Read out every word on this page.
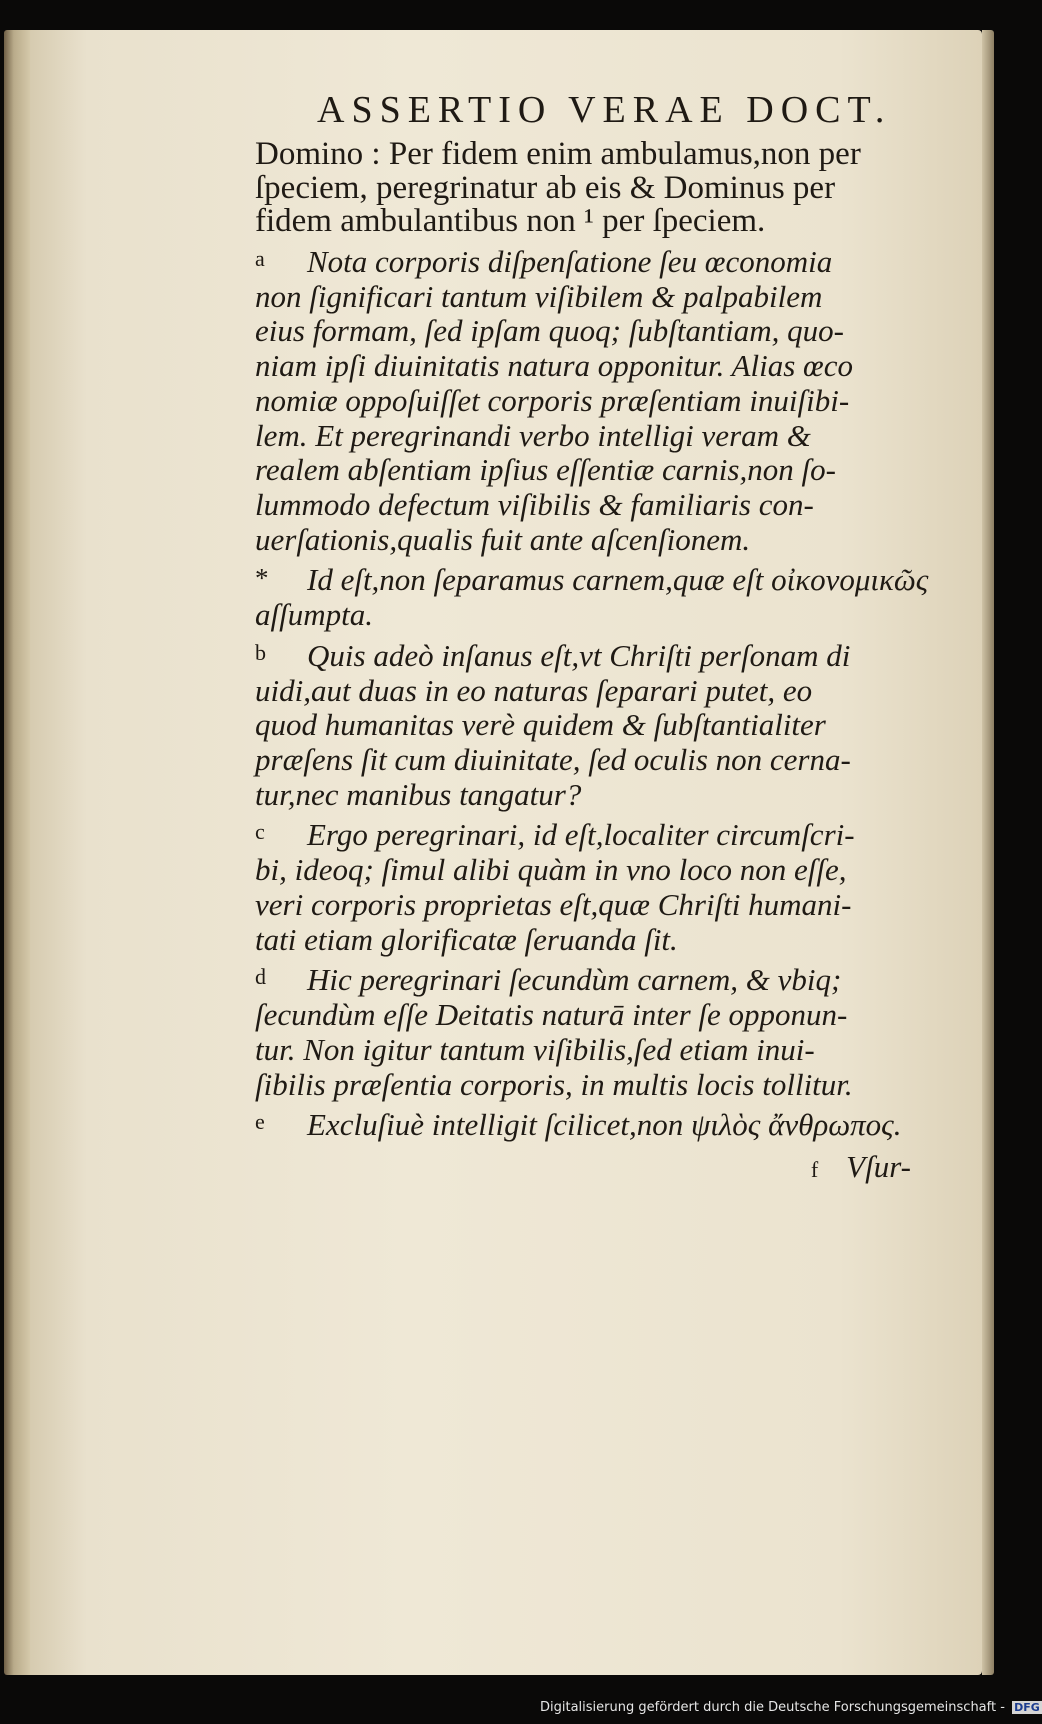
ASSERTIO VERAE DOCT.

Domino : Per fidem enim ambulamus,non per

ſpeciem, peregrinatur ab eis & Dominus per

fidem ambulantibus non ¹ per ſpeciem.

a	Nota corporis diſpenſatione ſeu œconomia
non ſignificari tantum viſibilem & palpabilem
eius formam, ſed ipſam quoq; ſubſtantiam, quo-
niam ipſi diuinitatis natura opponitur. Alias œco
nomiæ oppoſuiſſet corporis præſentiam inuiſibi-
lem. Et peregrinandi verbo intelligi veram &
realem abſentiam ipſius eſſentiæ carnis,non ſo-
lummodo defectum viſibilis & familiaris con-
uerſationis,qualis fuit ante aſcenſionem.
*	Id eſt,non ſeparamus carnem,quæ eſt οἰκονομικῶς
aſſumpta.
b	Quis adeò inſanus eſt,vt Chriſti perſonam di
uidi,aut duas in eo naturas ſeparari putet, eo
quod humanitas verè quidem & ſubſtantialiter
præſens ſit cum diuinitate, ſed oculis non cerna-
tur,nec manibus tangatur?
c	Ergo peregrinari, id eſt,localiter circumſcri-
bi, ideoq; ſimul alibi quàm in vno loco non eſſe,
veri corporis proprietas eſt,quæ Chriſti humani-
tati etiam glorificatæ ſeruanda ſit.
d	Hic peregrinari ſecundùm carnem, & vbiq;
ſecundùm eſſe Deitatis naturā inter ſe opponun-
tur. Non igitur tantum viſibilis,ſed etiam inui-
ſibilis præſentia corporis, in multis locis tollitur.
e	Excluſiuè intelligit ſcilicet,non ψιλὸς ἄνθρωπος.
f Vſur-
Digitalisierung gefördert durch die Deutsche Forschungsgemeinschaft - DFG
